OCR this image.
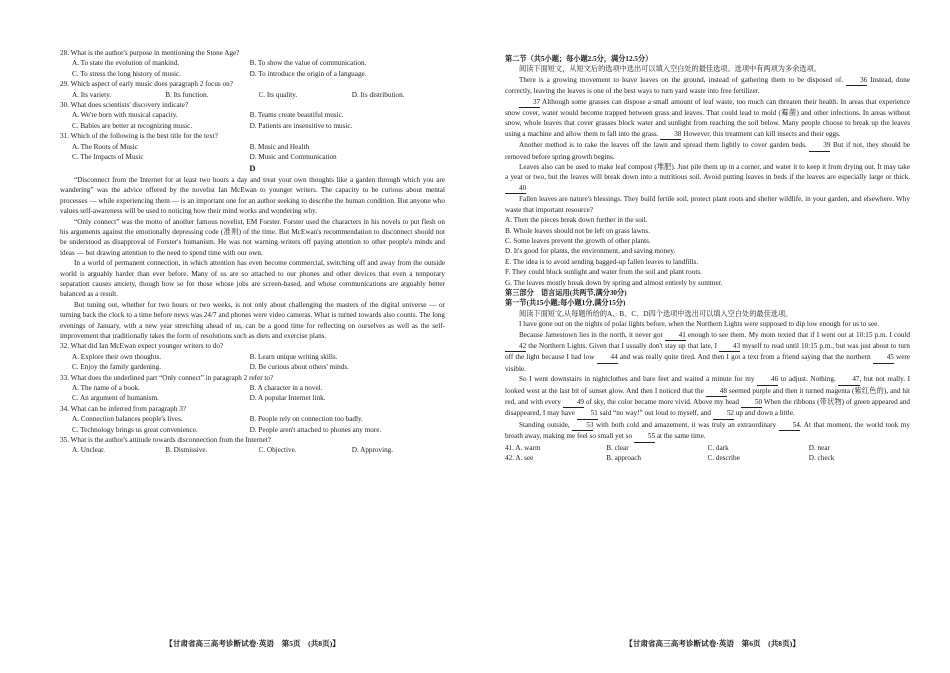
28. What is the author's purpose in mentioning the Stone Age?

A. To state the evolution of mankind.	B. To show the value of communication.
C. To stress the long history of music.	D. To introduce the origin of a language.

29. Which aspect of early music does paragraph 2 focus on?

A. Its variety.	B. Its function.	C. Its quality.	D. Its distribution.

30. What does scientists' discovery indicate?

A. We're born with musical capacity.	B. Teams create beautiful music.
C. Babies are better at recognizing music.	D. Patients are insensitive to music.

31. Which of the following is the best title for the text?

A. The Roots of Music	B. Music and Health
C. The Impacts of Music	D. Music and Communication
D

“Disconnect from the Internet for at least two hours a day and treat your own thoughts like a garden through which you are wandering” was the advice offered by the novelist Ian McEwan to younger writers. The capacity to be curious about mental processes — while experiencing them — is an important one for an author seeking to describe the human condition. But anyone who values self-awareness will be used to noticing how their mind works and wondering why.

“Only connect” was the motto of another famous novelist, EM Forster. Forster used the characters in his novels to put flesh on his arguments against the emotionally depressing code (准则) of the time. But McEwan's recommendation to disconnect should not be understood as disapproval of Forster's humanism. He was not warning writers off paying attention to other people's minds and ideas — but drawing attention to the need to spend time with our own.

In a world of permanent connection, in which attention has even become commercial, switching off and away from the outside world is arguably harder than ever before. Many of us are so attached to our phones and other devices that even a temporary separation causes anxiety, though how so for those whose jobs are screen-based, and whose communications are arguably better balanced as a result.

But tuning out, whether for two hours or two weeks, is not only about challenging the masters of the digital universe — or turning back the clock to a time before news was 24/7 and phones were video cameras. What is turned towards also counts. The long evenings of January, with a new year stretching ahead of us, can be a good time for reflecting on ourselves as well as the self-improvement that traditionally takes the form of resolutions such as diets and exercise plans.

32. What did Ian McEwan expect younger writers to do?

A. Explore their own thoughts.	B. Learn unique writing skills.
C. Enjoy the family gardening.	D. Be curious about others' minds.

33. What does the underlined part “Only connect” in paragraph 2 refer to?

A. The name of a book.	B. A character in a novel.
C. An argument of humanism.	D. A popular Internet link.

34. What can be inferred from paragraph 3?

A. Connection balances people's lives.	B. People rely on connection too badly.
C. Technology brings us great convenience.	D. People aren't attached to phones any more.

35. What is the author's attitude towards disconnection from the Internet?

A. Unclear.	B. Dismissive.	C. Objective.	D. Approving.
【甘肃省高三高考诊断试卷·英语　第5页　(共8页)】

第二节（共5小题；每小题2.5分，满分12.5分）

阅读下面短文，从短文后的选项中选出可以填入空白处的最佳选项。选项中有两项为多余选项。

There is a growing movement to leave leaves on the ground, instead of gathering them to be disposed of. 36 Instead, done correctly, leaving the leaves is one of the best ways to turn yard waste into free fertilizer.

37 Although some grasses can dispose a small amount of leaf waste, too much can threaten their health. In areas that experience snow cover, water would become trapped between grass and leaves. That could lead to mold (霉菌) and other infections. In areas without snow, whole leaves that cover grasses block water and sunlight from reaching the soil below. Many people choose to break up the leaves using a machine and allow them to fall into the grass. 38 However, this treatment can kill insects and their eggs.

Another method is to rake the leaves off the lawn and spread them lightly to cover garden beds. 39 But if not, they should be removed before spring growth begins.

Leaves also can be used to make leaf compost (堆肥). Just pile them up in a corner, and water it to keep it from drying out. It may take a year or two, but the leaves will break down into a nutritious soil. Avoid putting leaves in beds if the leaves are especially large or thick. 40

Fallen leaves are nature's blessings. They build fertile soil, protect plant roots and shelter wildlife, in your garden, and elsewhere. Why waste that important resource?

A. Then the pieces break down further in the soil.

B. Whole leaves should not be left on grass lawns.

C. Some leaves prevent the growth of other plants.

D. It's good for plants, the environment, and saving money.

E. The idea is to avoid sending bagged-up fallen leaves to landfills.

F. They could block sunlight and water from the soil and plant roots.

G. The leaves mostly break down by spring and almost entirely by summer.

第三部分　语言运用(共两节,满分30分)

第一节(共15小题;每小题1分,满分15分)

阅读下面短文,从每题所给的A、B、C、D四个选项中选出可以填入空白处的最佳选项。

I have gone out on the nights of polar lights before, when the Northern Lights were supposed to dip low enough for us to see.

Because Jamestown lies in the north, it never got 41 enough to see them. My mom texted that if I went out at 10:15 p.m. I could 42 the Northern Lights. Given that I usually don't stay up that late, I 43 myself to read until 10:15 p.m., but was just about to turn off the light because I had low 44 and was really quite tired. And then I got a text from a friend saying that the northern 45 were visible.

So I went downstairs in nightclothes and bare feet and waited a minute for my 46 to adjust. Nothing. 47, but not really. I looked west at the last bit of sunset glow. And then I noticed that the 48 seemed purple and then it turned magenta (紫红色的), and hit red, and with every 49 of sky, the color became more vivid. Above my head 50 When the ribbons (带状物) of green appeared and disappeared, I may have 51 said “no way!” out loud to myself, and 52 up and down a little.

Standing outside, 53 with both cold and amazement, it was truly an extraordinary 54. At that moment, the world took my breath away, making me feel so small yet so 55 at the same time.

41. A. warm	B. clear	C. dark	D. near
42. A. see	B. approach	C. describe	D. check
【甘肃省高三高考诊断试卷·英语　第6页　(共8页)】
